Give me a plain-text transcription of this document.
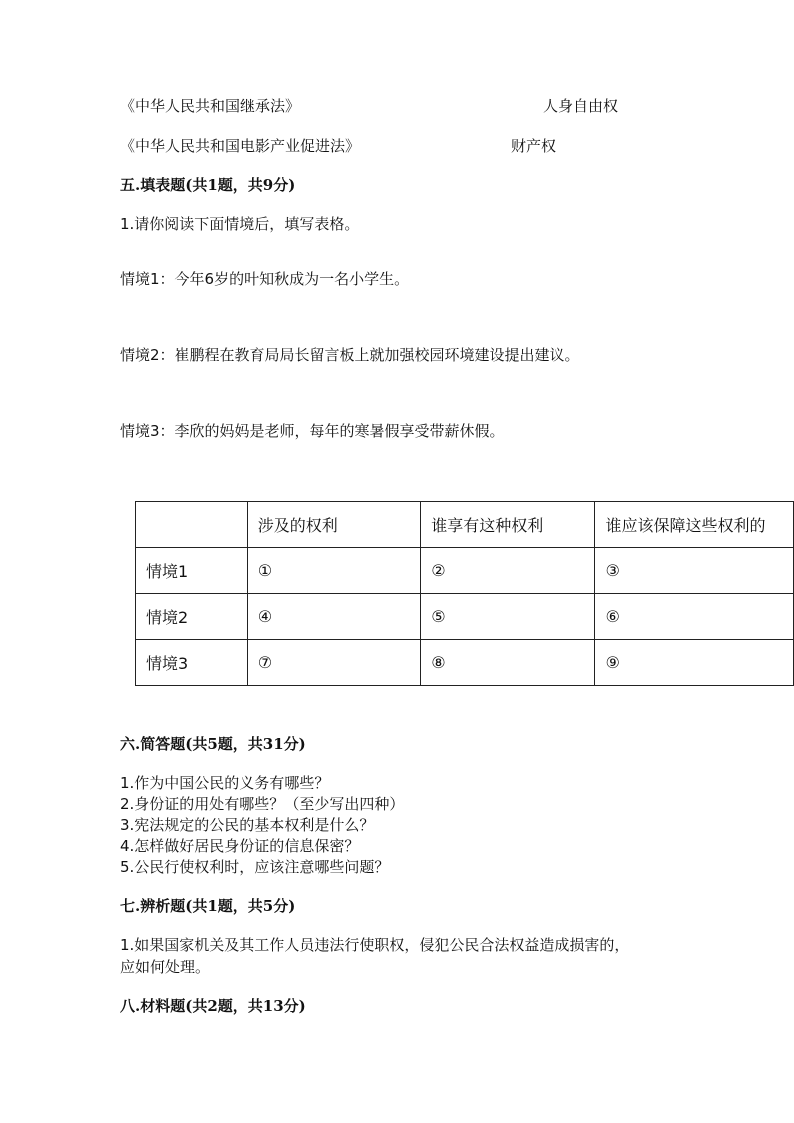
《中华人民共和国继承法》	人身自由权
《中华人民共和国电影产业促进法》	财产权
五.填表题(共1题，共9分)
1.请你阅读下面情境后，填写表格。
情境1：今年6岁的叶知秋成为一名小学生。
情境2：崔鹏程在教育局局长留言板上就加强校园环境建设提出建议。
情境3：李欣的妈妈是老师，每年的寒暑假享受带薪休假。
	涉及的权利	谁享有这种权利	谁应该保障这些权利的
情境1	①	②	③
情境2	④	⑤	⑥
情境3	⑦	⑧	⑨
六.简答题(共5题，共31分)
1.作为中国公民的义务有哪些？
2.身份证的用处有哪些？（至少写出四种）
3.宪法规定的公民的基本权利是什么？
4.怎样做好居民身份证的信息保密？
5.公民行使权利时，应该注意哪些问题？
七.辨析题(共1题，共5分)
1.如果国家机关及其工作人员违法行使职权，侵犯公民合法权益造成损害的，
应如何处理。
八.材料题(共2题，共13分)
